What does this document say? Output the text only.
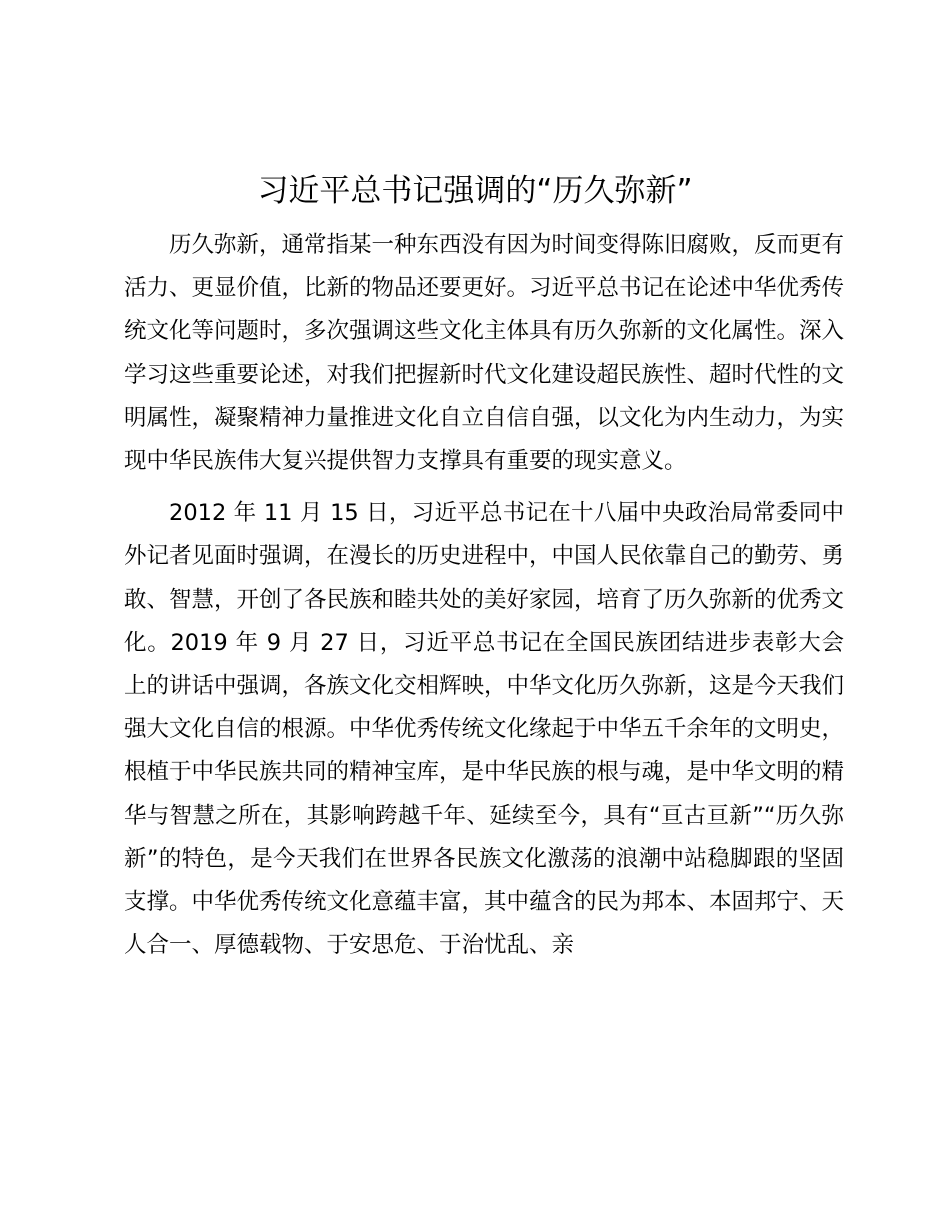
习近平总书记强调的“历久弥新”

历久弥新，通常指某一种东西没有因为时间变得陈旧腐败，反而更有活力、更显价值，比新的物品还要更好。习近平总书记在论述中华优秀传统文化等问题时，多次强调这些文化主体具有历久弥新的文化属性。深入学习这些重要论述，对我们把握新时代文化建设超民族性、超时代性的文明属性，凝聚精神力量推进文化自立自信自强，以文化为内生动力，为实现中华民族伟大复兴提供智力支撑具有重要的现实意义。

2012 年 11 月 15 日，习近平总书记在十八届中央政治局常委同中外记者见面时强调，在漫长的历史进程中，中国人民依靠自己的勤劳、勇敢、智慧，开创了各民族和睦共处的美好家园，培育了历久弥新的优秀文化。2019 年 9 月 27 日，习近平总书记在全国民族团结进步表彰大会上的讲话中强调，各族文化交相辉映，中华文化历久弥新，这是今天我们强大文化自信的根源。中华优秀传统文化缘起于中华五千余年的文明史，根植于中华民族共同的精神宝库，是中华民族的根与魂，是中华文明的精华与智慧之所在，其影响跨越千年、延续至今，具有“亘古亘新”“历久弥新”的特色，是今天我们在世界各民族文化激荡的浪潮中站稳脚跟的坚固支撑。中华优秀传统文化意蕴丰富，其中蕴含的民为邦本、本固邦宁、天人合一、厚德载物、于安思危、于治忧乱、亲
